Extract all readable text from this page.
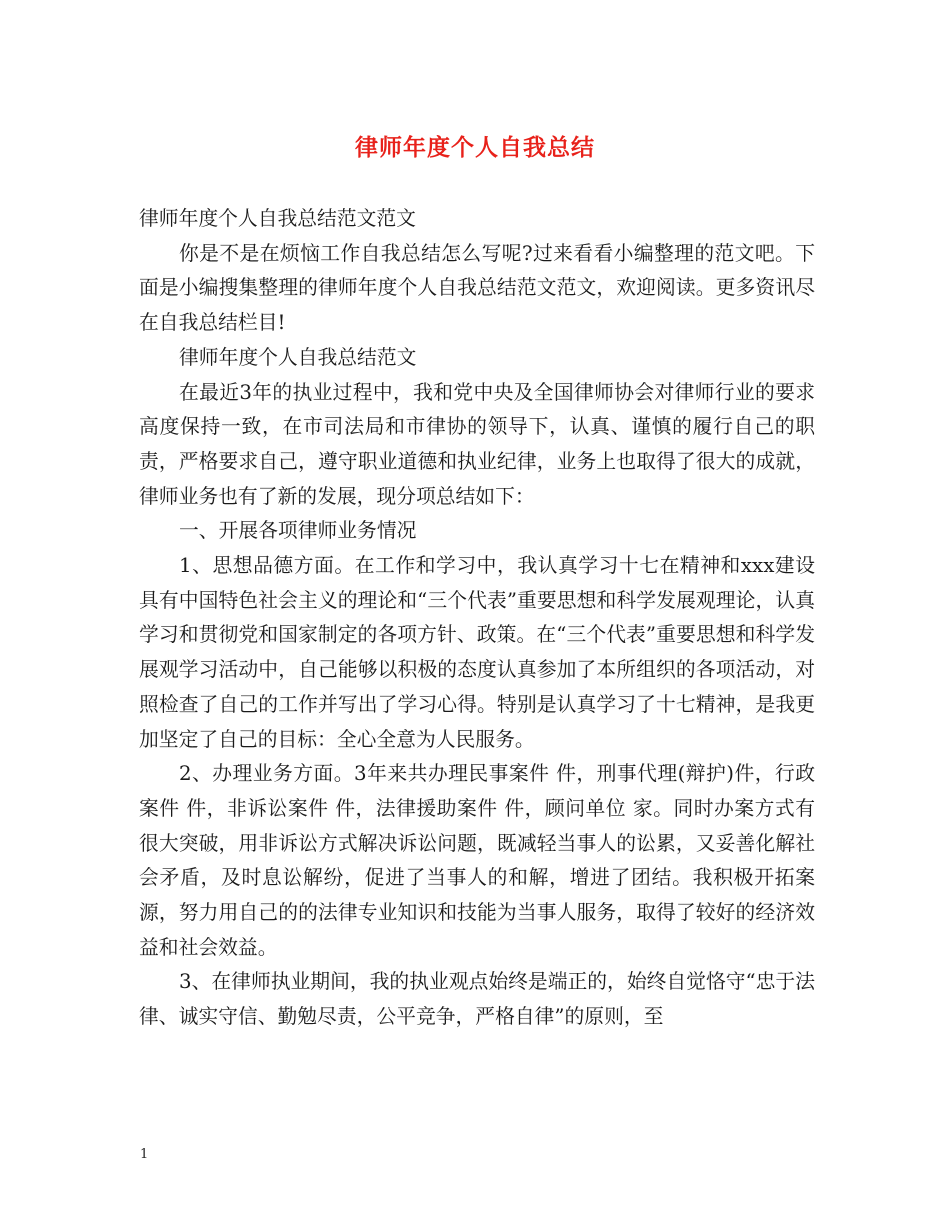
律师年度个人自我总结

律师年度个人自我总结范文范文

你是不是在烦恼工作自我总结怎么写呢?过来看看小编整理的范文吧。下面是小编搜集整理的律师年度个人自我总结范文范文，欢迎阅读。更多资讯尽在自我总结栏目!

律师年度个人自我总结范文

在最近3年的执业过程中，我和党中央及全国律师协会对律师行业的要求高度保持一致，在市司法局和市律协的领导下，认真、谨慎的履行自己的职责，严格要求自己，遵守职业道德和执业纪律，业务上也取得了很大的成就，律师业务也有了新的发展，现分项总结如下：

一、开展各项律师业务情况

1、思想品德方面。在工作和学习中，我认真学习十七在精神和xxx建设具有中国特色社会主义的理论和“三个代表”重要思想和科学发展观理论，认真学习和贯彻党和国家制定的各项方针、政策。在“三个代表”重要思想和科学发展观学习活动中，自己能够以积极的态度认真参加了本所组织的各项活动，对照检查了自己的工作并写出了学习心得。特别是认真学习了十七精神，是我更加坚定了自己的目标：全心全意为人民服务。

2、办理业务方面。3年来共办理民事案件 件，刑事代理(辩护)件，行政案件 件，非诉讼案件 件，法律援助案件 件，顾问单位 家。同时办案方式有很大突破，用非诉讼方式解决诉讼问题，既减轻当事人的讼累，又妥善化解社会矛盾，及时息讼解纷，促进了当事人的和解，增进了团结。我积极开拓案源，努力用自己的的法律专业知识和技能为当事人服务，取得了较好的经济效益和社会效益。

3、在律师执业期间，我的执业观点始终是端正的，始终自觉恪守“忠于法律、诚实守信、勤勉尽责，公平竞争，严格自律”的原则，至

1
